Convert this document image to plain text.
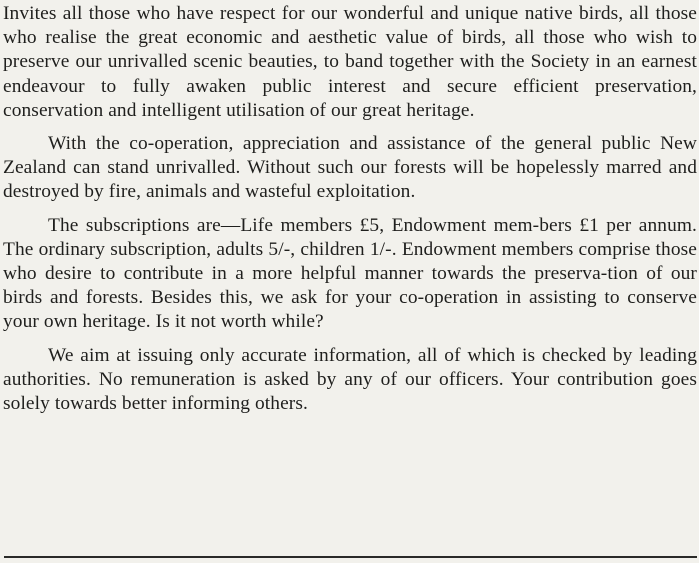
Invites all those who have respect for our wonderful and unique native birds, all those who realise the great economic and aesthetic value of birds, all those who wish to preserve our unrivalled scenic beauties, to band together with the Society in an earnest endeavour to fully awaken public interest and secure efficient preservation, conservation and intelligent utilisation of our great heritage.

With the co-operation, appreciation and assistance of the general public New Zealand can stand unrivalled. Without such our forests will be hopelessly marred and destroyed by fire, animals and wasteful exploitation.

The subscriptions are—Life members £5, Endowment mem-bers £1 per annum. The ordinary subscription, adults 5/-, children 1/-. Endowment members comprise those who desire to contribute in a more helpful manner towards the preserva-tion of our birds and forests. Besides this, we ask for your co-operation in assisting to conserve your own heritage. Is it not worth while?

We aim at issuing only accurate information, all of which is checked by leading authorities. No remuneration is asked by any of our officers. Your contribution goes solely towards better informing others.
